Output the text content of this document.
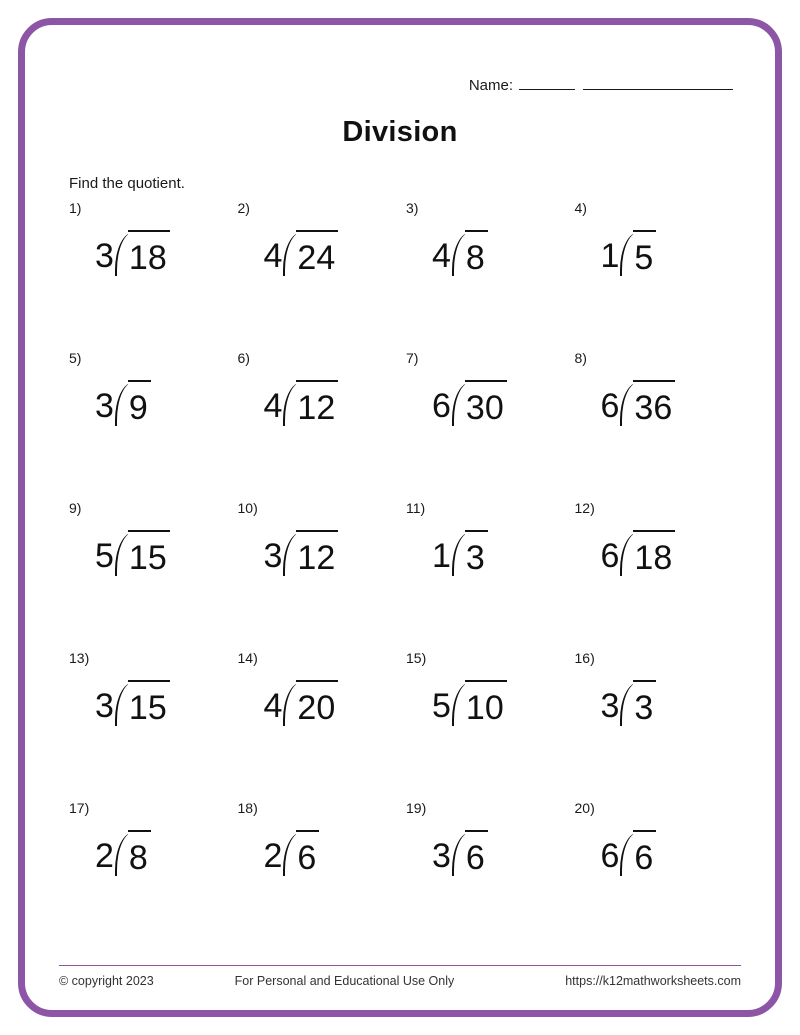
Name:
Division
Find the quotient.
1)
3 18
2)
4 24
3)
4 8
4)
1 5
5)
3 9
6)
4 12
7)
6 30
8)
6 36
9)
5 15
10)
3 12
11)
1 3
12)
6 18
13)
3 15
14)
4 20
15)
5 10
16)
3 3
17)
2 8
18)
2 6
19)
3 6
20)
6 6
© copyright 2023	For Personal and Educational Use Only	https://k12mathworksheets.com
